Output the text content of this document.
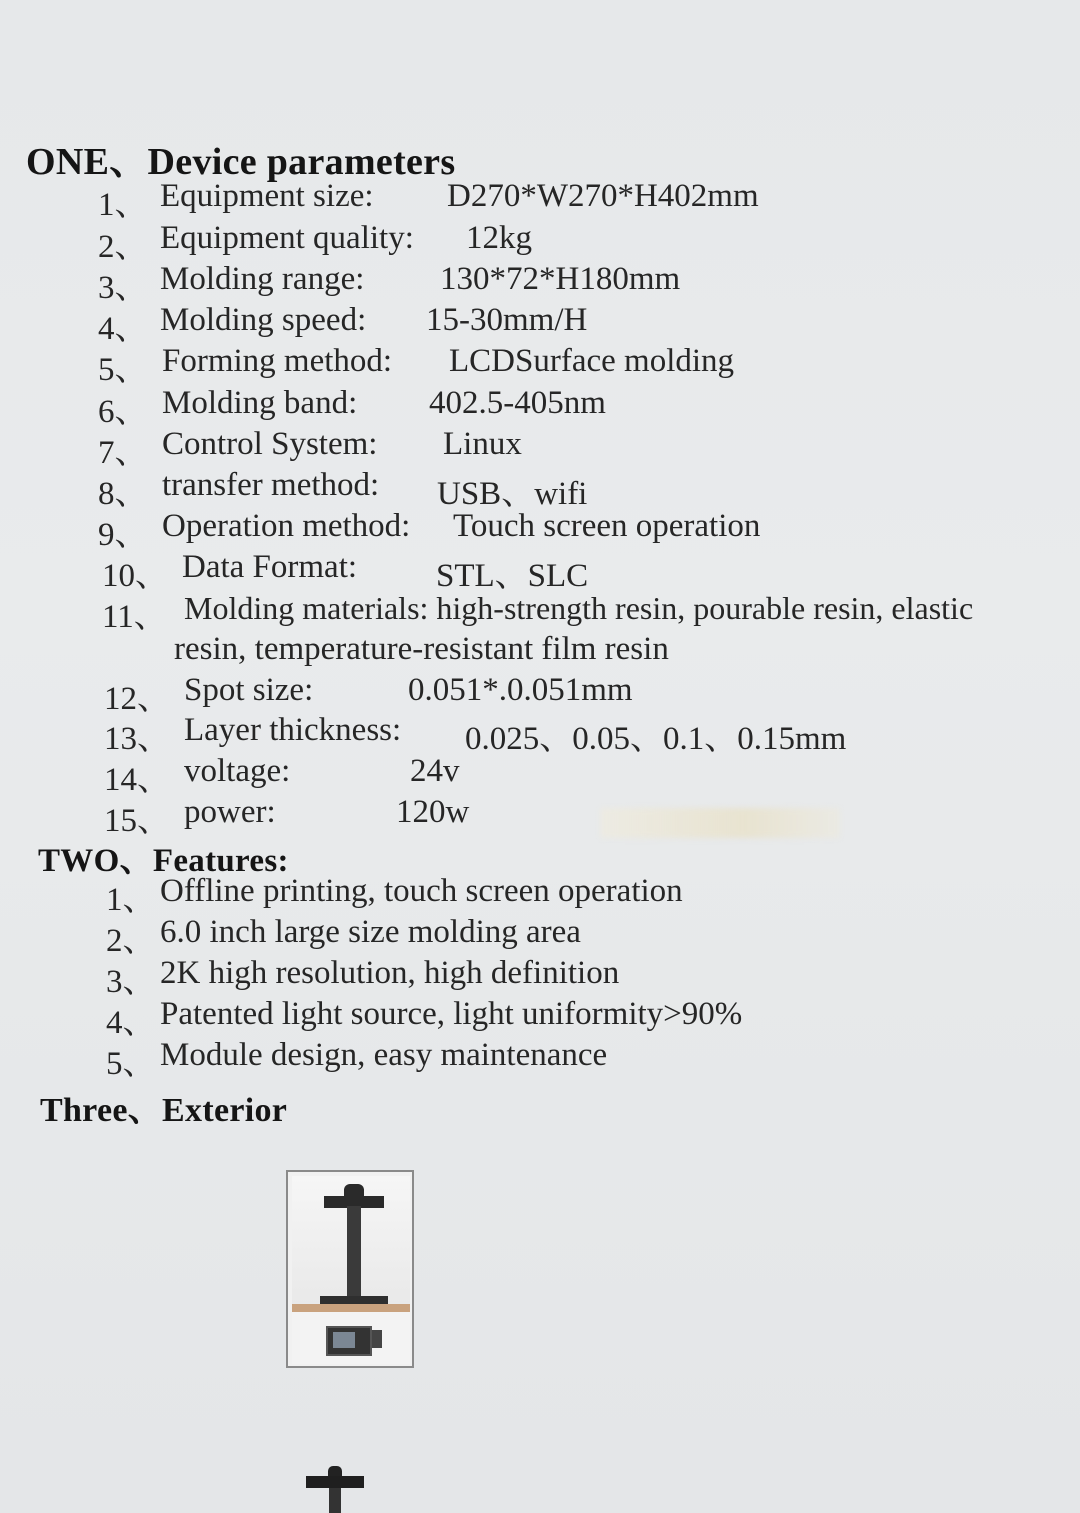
ONE、Device parameters
1、 Equipment size: D270*W270*H402mm
2、 Equipment quality: 12kg
3、 Molding range: 130*72*H180mm
4、 Molding speed: 15-30mm/H
5、 Forming method: LCDSurface molding
6、 Molding band: 402.5-405nm
7、 Control System: Linux
8、 transfer method: USB、wifi
9、 Operation method: Touch screen operation
10、 Data Format: STL、SLC
11、 Molding materials: high-strength resin, pourable resin, elastic
resin, temperature-resistant film resin
12、 Spot size:	0.051*.0.051mm
13、 Layer thickness: 0.025、0.05、0.1、0.15mm
14、 voltage:	24v
15、 power:	120w
TWO、Features:
1、 Offline printing, touch screen operation
2、 6.0 inch large size molding area
3、 2K high resolution, high definition
4、 Patented light source, light uniformity>90%
5、 Module design, easy maintenance
Three、Exterior
